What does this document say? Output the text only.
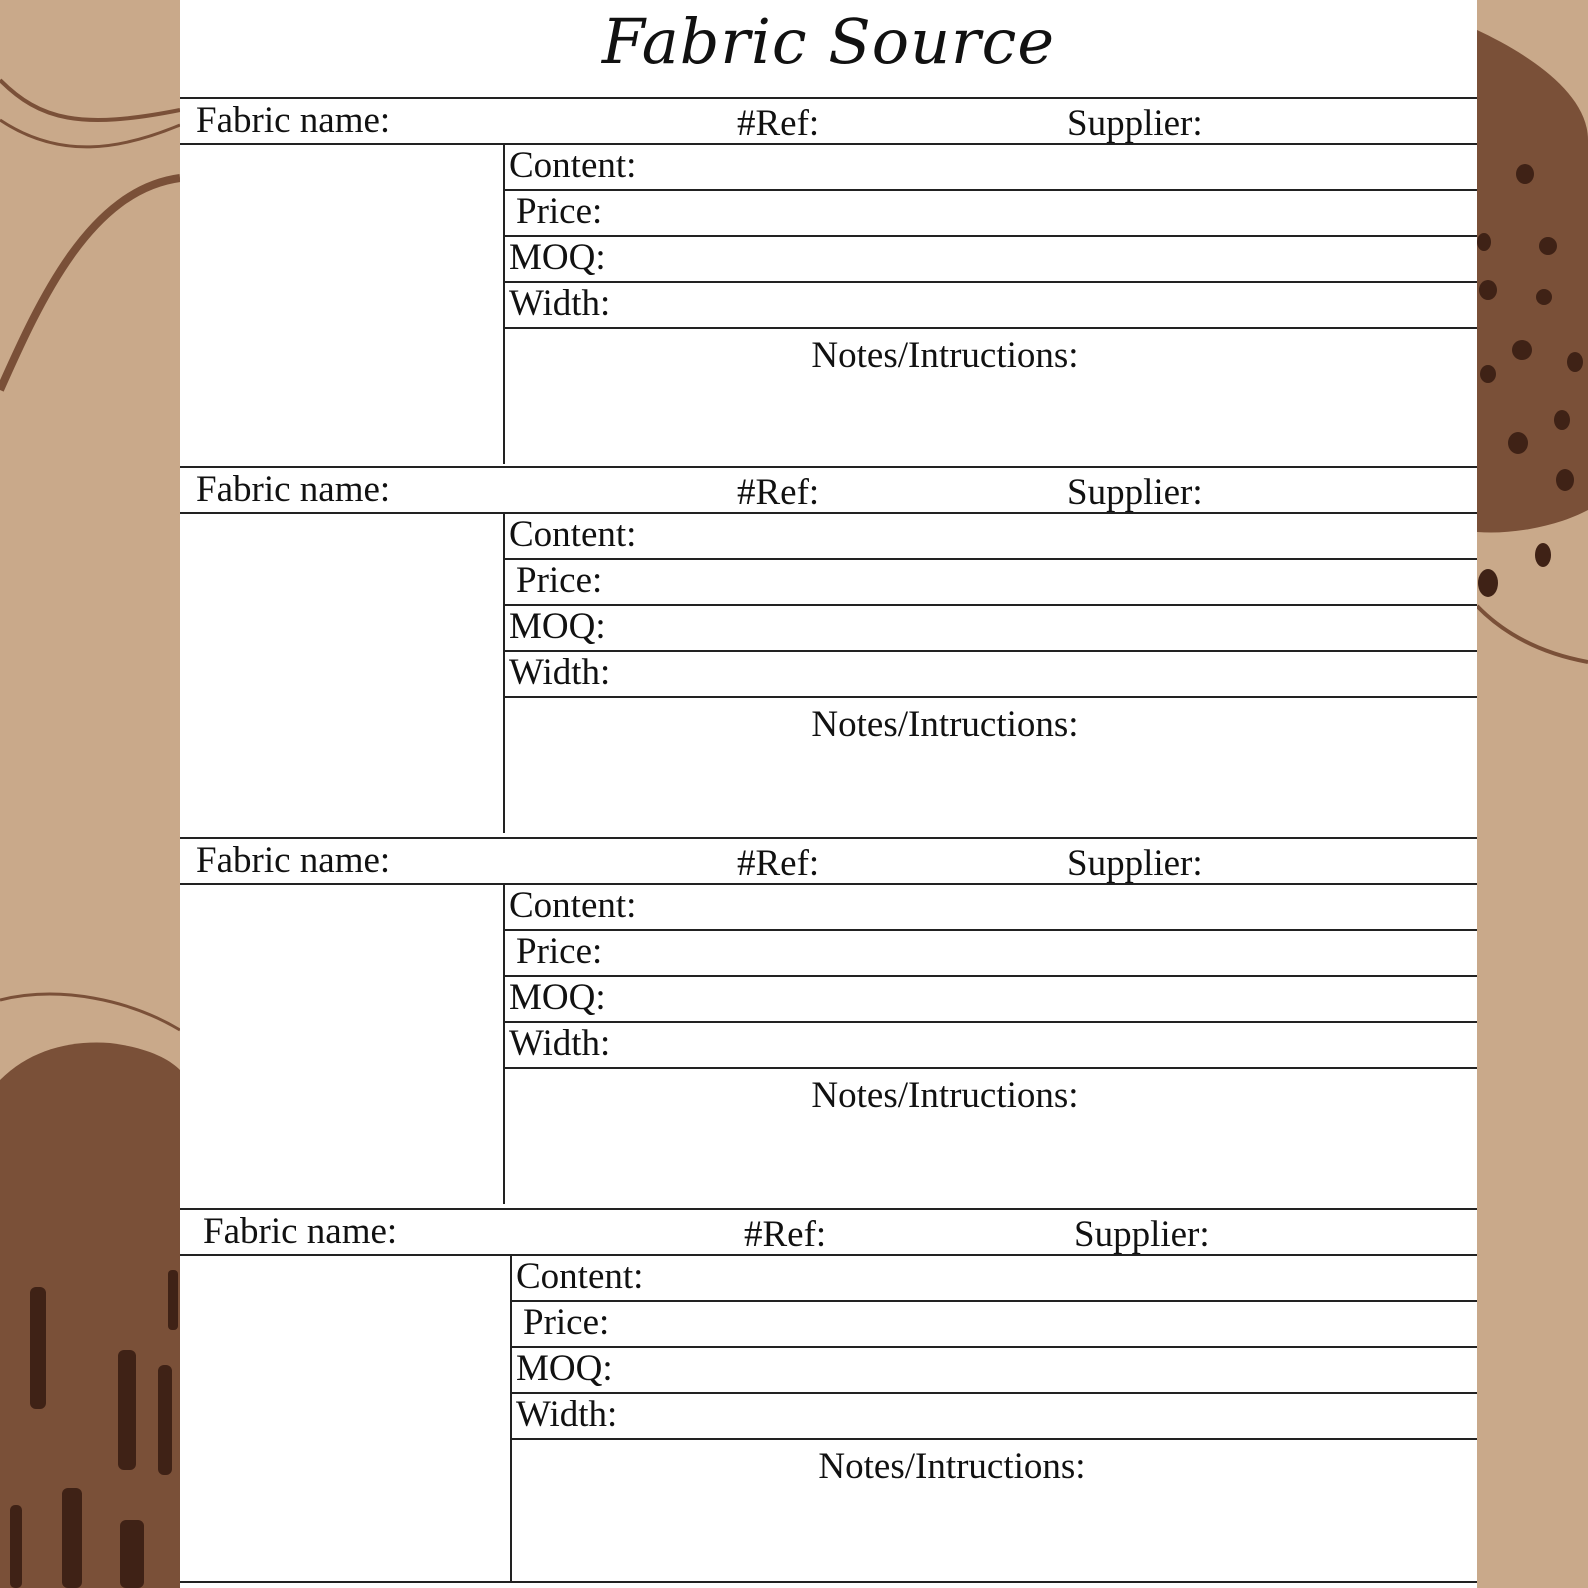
Fabric Source
Fabric name:	#Ref:	Supplier:
Content:
Price:
MOQ:
Width:
Notes/Intructions:
Fabric name:	#Ref:	Supplier:
Content:
Price:
MOQ:
Width:
Notes/Intructions:
Fabric name:	#Ref:	Supplier:
Content:
Price:
MOQ:
Width:
Notes/Intructions:
Fabric name:	#Ref:	Supplier:
Content:
Price:
MOQ:
Width:
Notes/Intructions:
